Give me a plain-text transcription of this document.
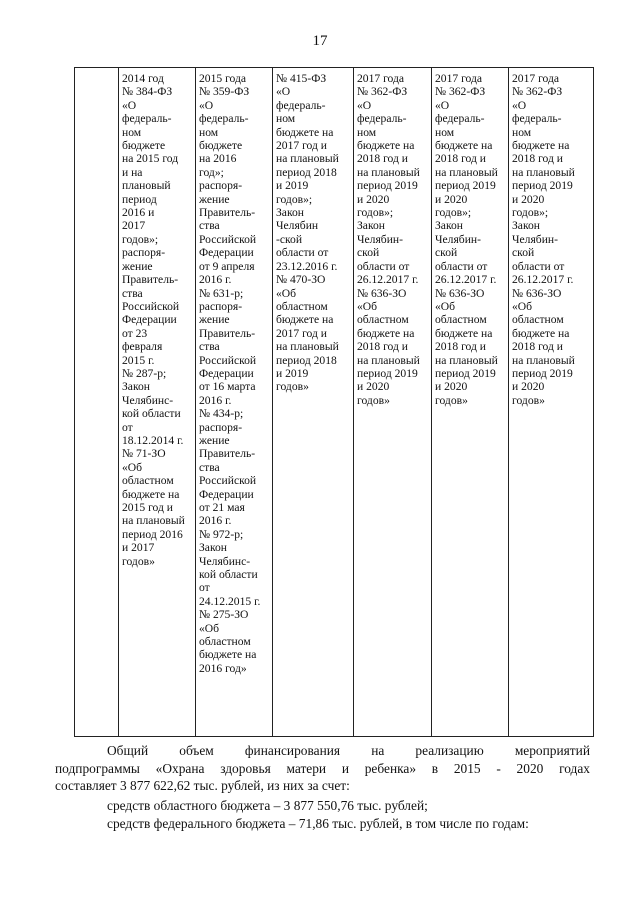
17
2014 год
№ 384-ФЗ
«О
федераль-
ном
бюджете
на 2015 год
и на
плановый
период
2016 и
2017
годов»;
распоря-
жение
Правитель-
ства
Российской
Федерации
от 23
февраля
2015 г.
№ 287-р;
Закон
Челябинс-
кой области
от
18.12.2014 г.
№ 71-ЗО
«Об
областном
бюджете на
2015 год и
на плановый
период 2016
и 2017
годов»
2015 года
№ 359-ФЗ
«О
федераль-
ном
бюджете
на 2016
год»;
распоря-
жение
Правитель-
ства
Российской
Федерации
от 9 апреля
2016 г.
№ 631-р;
распоря-
жение
Правитель-
ства
Российской
Федерации
от 16 марта
2016 г.
№ 434-р;
распоря-
жение
Правитель-
ства
Российской
Федерации
от 21 мая
2016 г.
№ 972-р;
Закон
Челябинс-
кой области
от
24.12.2015 г.
№ 275-ЗО
«Об
областном
бюджете на
2016 год»
№ 415-ФЗ
«О
федераль-
ном
бюджете на
2017 год и
на плановый
период 2018
и 2019
годов»;
Закон
Челябин
-ской
области от
23.12.2016 г.
№ 470-ЗО
«Об
областном
бюджете на
2017 год и
на плановый
период 2018
и 2019
годов»
2017 года
№ 362-ФЗ
«О
федераль-
ном
бюджете на
2018 год и
на плановый
период 2019
и 2020
годов»;
Закон
Челябин-
ской
области от
26.12.2017 г.
№ 636-ЗО
«Об
областном
бюджете на
2018 год и
на плановый
период 2019
и 2020
годов»
2017 года
№ 362-ФЗ
«О
федераль-
ном
бюджете на
2018 год и
на плановый
период 2019
и 2020
годов»;
Закон
Челябин-
ской
области от
26.12.2017 г.
№ 636-ЗО
«Об
областном
бюджете на
2018 год и
на плановый
период 2019
и 2020
годов»
2017 года
№ 362-ФЗ
«О
федераль-
ном
бюджете на
2018 год и
на плановый
период 2019
и 2020
годов»;
Закон
Челябин-
ской
области от
26.12.2017 г.
№ 636-ЗО
«Об
областном
бюджете на
2018 год и
на плановый
период 2019
и 2020
годов»
Общий объем финансирования на реализацию мероприятий
подпрограммы «Охрана здоровья матери и ребенка» в 2015 - 2020 годах
составляет 3 877 622,62 тыс. рублей, из них за счет:
средств областного бюджета – 3 877 550,76 тыс. рублей;
средств федерального бюджета – 71,86 тыс. рублей, в том числе по годам:
